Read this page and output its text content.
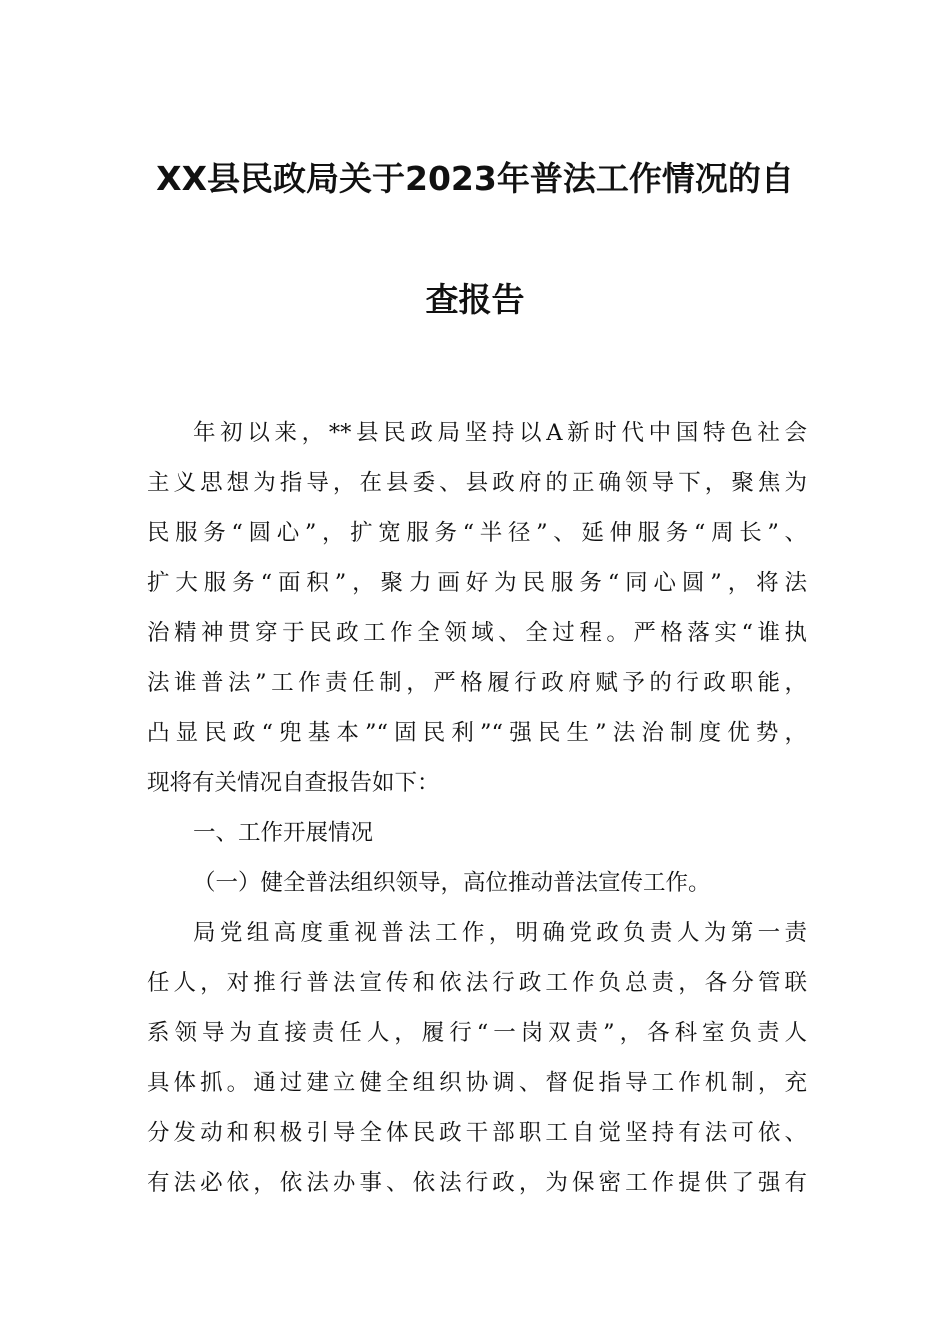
XX县民政局关于2023年普法工作情况的自
查报告
年初以来，**县民政局坚持以A新时代中国特色社会
主义思想为指导，在县委、县政府的正确领导下，聚焦为
民服务“圆心”，扩宽服务“半径”、延伸服务“周长”、
扩大服务“面积”，聚力画好为民服务“同心圆”，将法
治精神贯穿于民政工作全领域、全过程。严格落实“谁执
法谁普法”工作责任制，严格履行政府赋予的行政职能，
凸显民政“兜基本”“固民利”“强民生”法治制度优势，
现将有关情况自查报告如下：
一、工作开展情况
（一）健全普法组织领导，高位推动普法宣传工作。
局党组高度重视普法工作，明确党政负责人为第一责
任人，对推行普法宣传和依法行政工作负总责，各分管联
系领导为直接责任人，履行“一岗双责”，各科室负责人
具体抓。通过建立健全组织协调、督促指导工作机制，充
分发动和积极引导全体民政干部职工自觉坚持有法可依、
有法必依，依法办事、依法行政，为保密工作提供了强有
